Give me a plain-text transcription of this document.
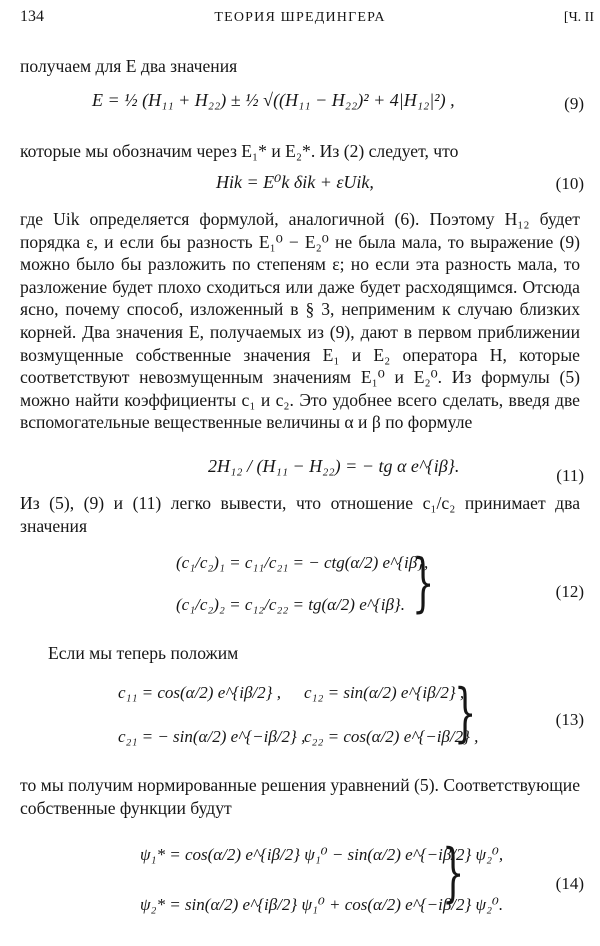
134	ТЕОРИЯ ШРЕДИНГЕРА	[Ч. II

получаем для E два значения

E = ½ (H₁₁ + H₂₂) ± ½ √((H₁₁ − H₂₂)² + 4|H₁₂|²) ,	(9)

которые мы обозначим через E₁* и E₂*. Из (2) следует, что

Hik = E⁰k δik + εUik,	(10)

где Uik определяется формулой, аналогичной (6). Поэтому H₁₂ будет порядка ε, и если бы разность E₁⁰ − E₂⁰ не была мала, то выражение (9) можно было бы разложить по степеням ε; но если эта разность мала, то разложение будет плохо сходиться или даже будет расходящимся. Отсюда ясно, почему способ, изложенный в § 3, неприменим к случаю близких корней. Два значения E, получаемых из (9), дают в первом приближении возмущенные собственные значения E₁ и E₂ оператора H, которые соответствуют невозмущенным значениям E₁⁰ и E₂⁰. Из формулы (5) можно найти коэффициенты c₁ и c₂. Это удобнее всего сделать, введя две вспомогательные вещественные величины α и β по формуле

2H₁₂ / (H₁₁ − H₂₂) = − tg α e^{iβ}.	(11)

Из (5), (9) и (11) легко вывести, что отношение c₁/c₂ принимает два значения

(c₁/c₂)₁ = c₁₁/c₂₁ = − ctg(α/2) e^{iβ},
(c₁/c₂)₂ = c₁₂/c₂₂ = tg(α/2) e^{iβ}. }	(12)

Если мы теперь положим

c₁₁ = cos(α/2) e^{iβ/2} , c₁₂ = sin(α/2) e^{iβ/2} ,
c₂₁ = − sin(α/2) e^{−iβ/2} ,
c₂₂ = cos(α/2) e^{−iβ/2} ,
}	(13)

то мы получим нормированные решения уравнений (5). Соответствующие собственные функции будут

ψ₁* = cos(α/2) e^{iβ/2} ψ₁⁰ − sin(α/2) e^{−iβ/2} ψ₂⁰,
ψ₂* = sin(α/2) e^{iβ/2} ψ₁⁰ + cos(α/2) e^{−iβ/2} ψ₂⁰.
}	(14)
